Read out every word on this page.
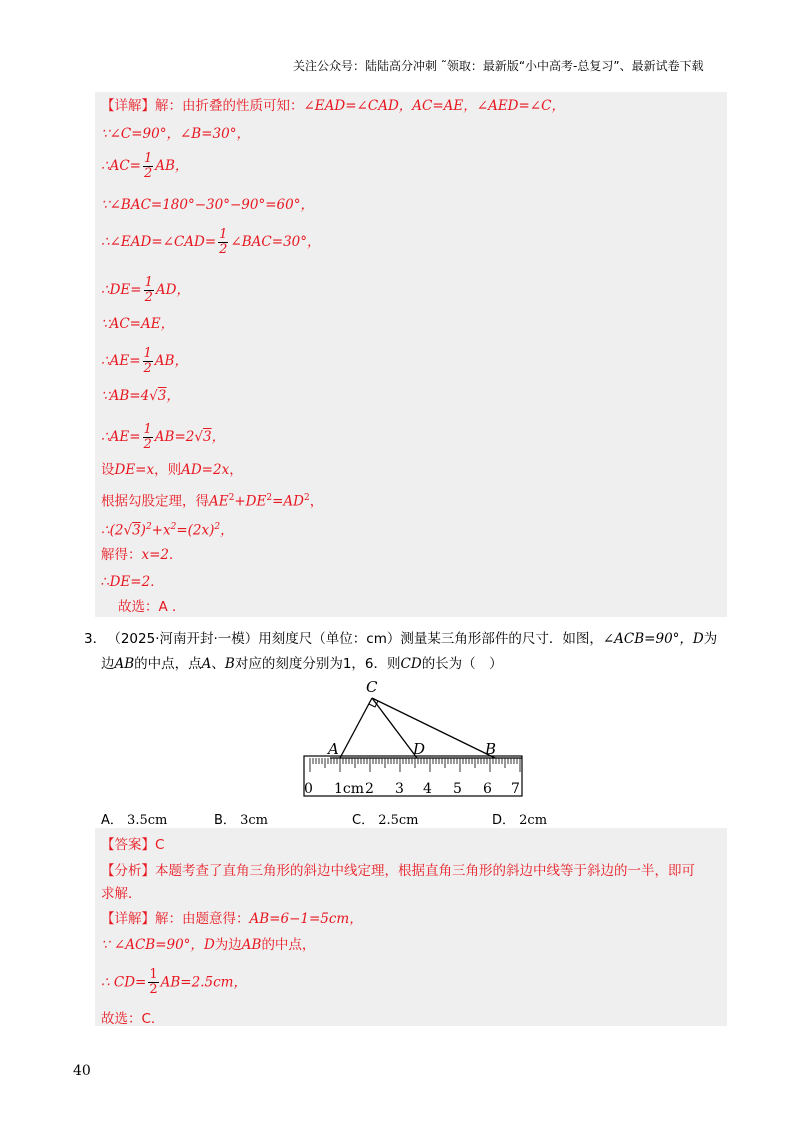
关注公众号：陆陆高分冲刺 ˜领取：最新版“小中高考-总复习”、最新试卷下载
【详解】解：由折叠的性质可知：∠EAD=∠CAD，AC=AE，∠AED=∠C，
∵∠C=90°，∠B=30°，
∴AC= $\frac{1}{2}$ AB，
∵∠BAC=180°−30°−90°=60°，
∴∠EAD=∠CAD= $\frac{1}{2}$ ∠BAC=30°，
∴DE= $\frac{1}{2}$ AD，
∵AC=AE，
∴AE= $\frac{1}{2}$ AB，
∵AB=4√3，
∴AE= $\frac{1}{2} AB=2√3$，
设DE=x，则AD=2x，
根据勾股定理，得$AE^2+DE^2=AD^2$，
$\therefore(2√3)^2+x^2=(2x)^2$，
解得：x=2．
∴DE=2．
故选：A ．
3． （2025·河南开封·一模）用刻度尺（单位：cm）测量某三角形部件的尺寸．如图，∠ACB=90°，D为
边AB的中点，点A、B对应的刻度分别为1，6．则CD的长为（　）
C
A	D	B
0 1cm 2 3 4 5 6 7
A． 3.5cm	B． 3cm	C． 2.5cm	D． 2cm
【答案】C
【分析】本题考查了直角三角形的斜边中线定理，根据直角三角形的斜边中线等于斜边的一半，即可
求解．
【详解】解：由题意得：AB=6−1=5cm，
∵ ∠ACB=90°，D为边AB的中点，
∴ $CD= \frac{1}{2} AB=2.5cm$，
故选：C．
40
